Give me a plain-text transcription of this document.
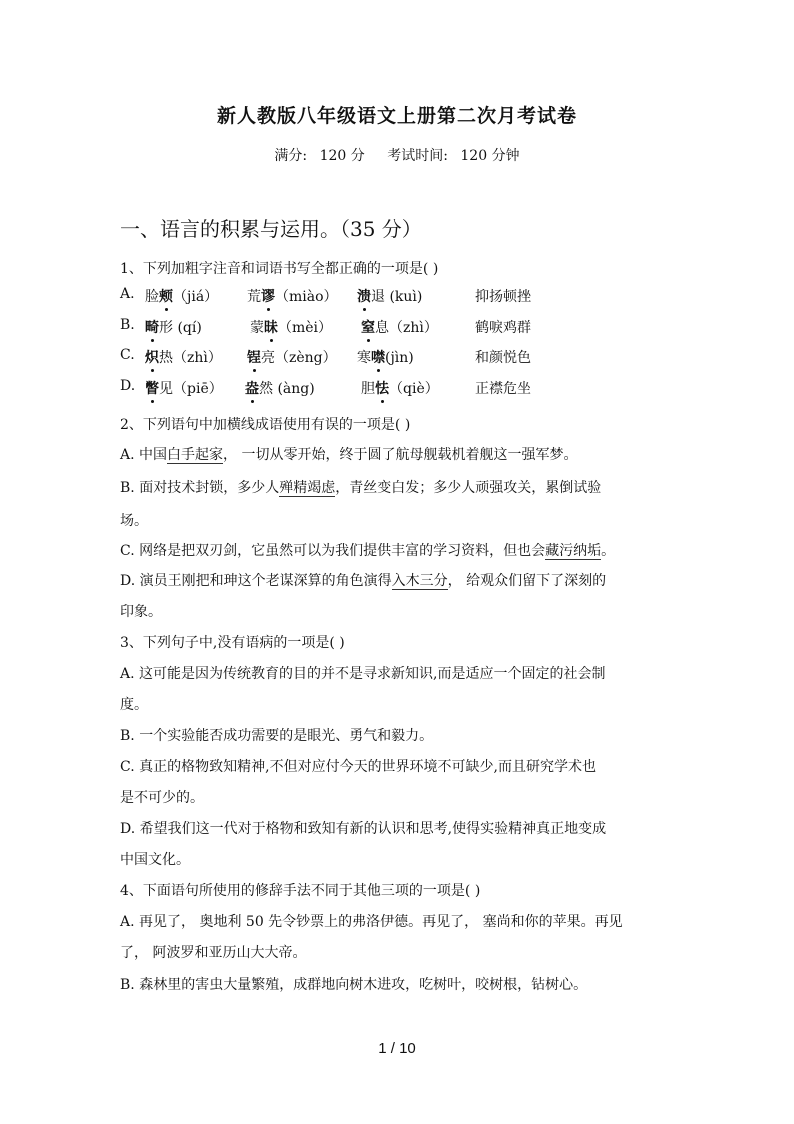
新人教版八年级语文上册第二次月考试卷
满分: 120 分 考试时间: 120 分钟
一、语言的积累与运用。（35 分）
1、下列加粗字注音和词语书写全都正确的一项是( )
A. 脸颊（jiá） 荒谬（miào） 溃退 (kuì)	抑扬顿挫
B. 畸形 (qí)	蒙昧（mèi） 窒息（zhì）	鹤唳鸡群
C. 炽热（zhì） 锃亮（zèng） 寒噤(jìn)	和颜悦色
D. 瞥见（piē） 盎然 (àng)	胆怯（qiè）	正襟危坐
2、下列语句中加横线成语使用有误的一项是( )
A. 中国白手起家， 一切从零开始，终于圆了航母舰载机着舰这一强军梦。
B. 面对技术封锁，多少人殚精竭虑，青丝变白发；多少人顽强攻关，累倒试验
场。
C. 网络是把双刃剑，它虽然可以为我们提供丰富的学习资料，但也会藏污纳垢。
D. 演员王刚把和珅这个老谋深算的角色演得入木三分， 给观众们留下了深刻的
印象。
3、下列句子中,没有语病的一项是( )
A. 这可能是因为传统教育的目的并不是寻求新知识,而是适应一个固定的社会制
度。
B. 一个实验能否成功需要的是眼光、勇气和毅力。
C. 真正的格物致知精神,不但对应付今天的世界环境不可缺少,而且研究学术也
是不可少的。
D. 希望我们这一代对于格物和致知有新的认识和思考,使得实验精神真正地变成
中国文化。
4、下面语句所使用的修辞手法不同于其他三项的一项是( )
A. 再见了， 奥地利 50 先令钞票上的弗洛伊德。再见了， 塞尚和你的苹果。再见
了， 阿波罗和亚历山大大帝。
B. 森林里的害虫大量繁殖，成群地向树木进攻，吃树叶，咬树根，钻树心。
1 / 10
